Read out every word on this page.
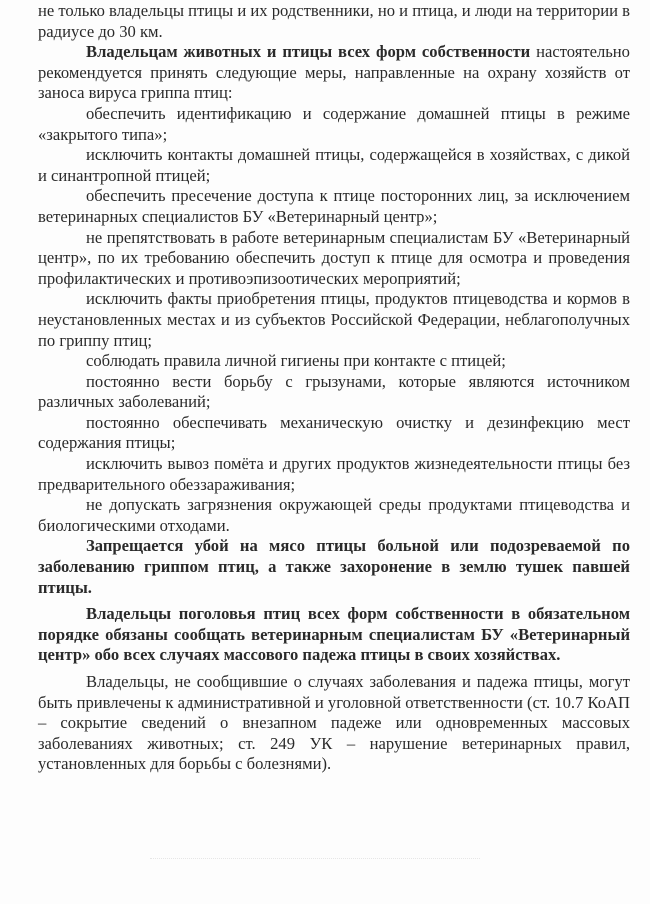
не только владельцы птицы и их родственники, но и птица, и люди на территории в радиусе до 30 км.

Владельцам животных и птицы всех форм собственности настоятельно рекомендуется принять следующие меры, направленные на охрану хозяйств от заноса вируса гриппа птиц:

обеспечить идентификацию и содержание домашней птицы в режиме «закрытого типа»;

исключить контакты домашней птицы, содержащейся в хозяйствах, с дикой и синантропной птицей;

обеспечить пресечение доступа к птице посторонних лиц, за исключением ветеринарных специалистов БУ «Ветеринарный центр»;

не препятствовать в работе ветеринарным специалистам БУ «Ветеринарный центр», по их требованию обеспечить доступ к птице для осмотра и проведения профилактических и противоэпизоотических мероприятий;

исключить факты приобретения птицы, продуктов птицеводства и кормов в неустановленных местах и из субъектов Российской Федерации, неблагополучных по гриппу птиц;

соблюдать правила личной гигиены при контакте с птицей;

постоянно вести борьбу с грызунами, которые являются источником различных заболеваний;

постоянно обеспечивать механическую очистку и дезинфекцию мест содержания птицы;

исключить вывоз помёта и других продуктов жизнедеятельности птицы без предварительного обеззараживания;

не допускать загрязнения окружающей среды продуктами птицеводства и биологическими отходами.

Запрещается убой на мясо птицы больной или подозреваемой по заболеванию гриппом птиц, а также захоронение в землю тушек павшей птицы.

Владельцы поголовья птиц всех форм собственности в обязательном порядке обязаны сообщать ветеринарным специалистам БУ «Ветеринарный центр» обо всех случаях массового падежа птицы в своих хозяйствах.

Владельцы, не сообщившие о случаях заболевания и падежа птицы, могут быть привлечены к административной и уголовной ответственности (ст. 10.7 КоАП – сокрытие сведений о внезапном падеже или одновременных массовых заболеваниях животных; ст. 249 УК – нарушение ветеринарных правил, установленных для борьбы с болезнями).
